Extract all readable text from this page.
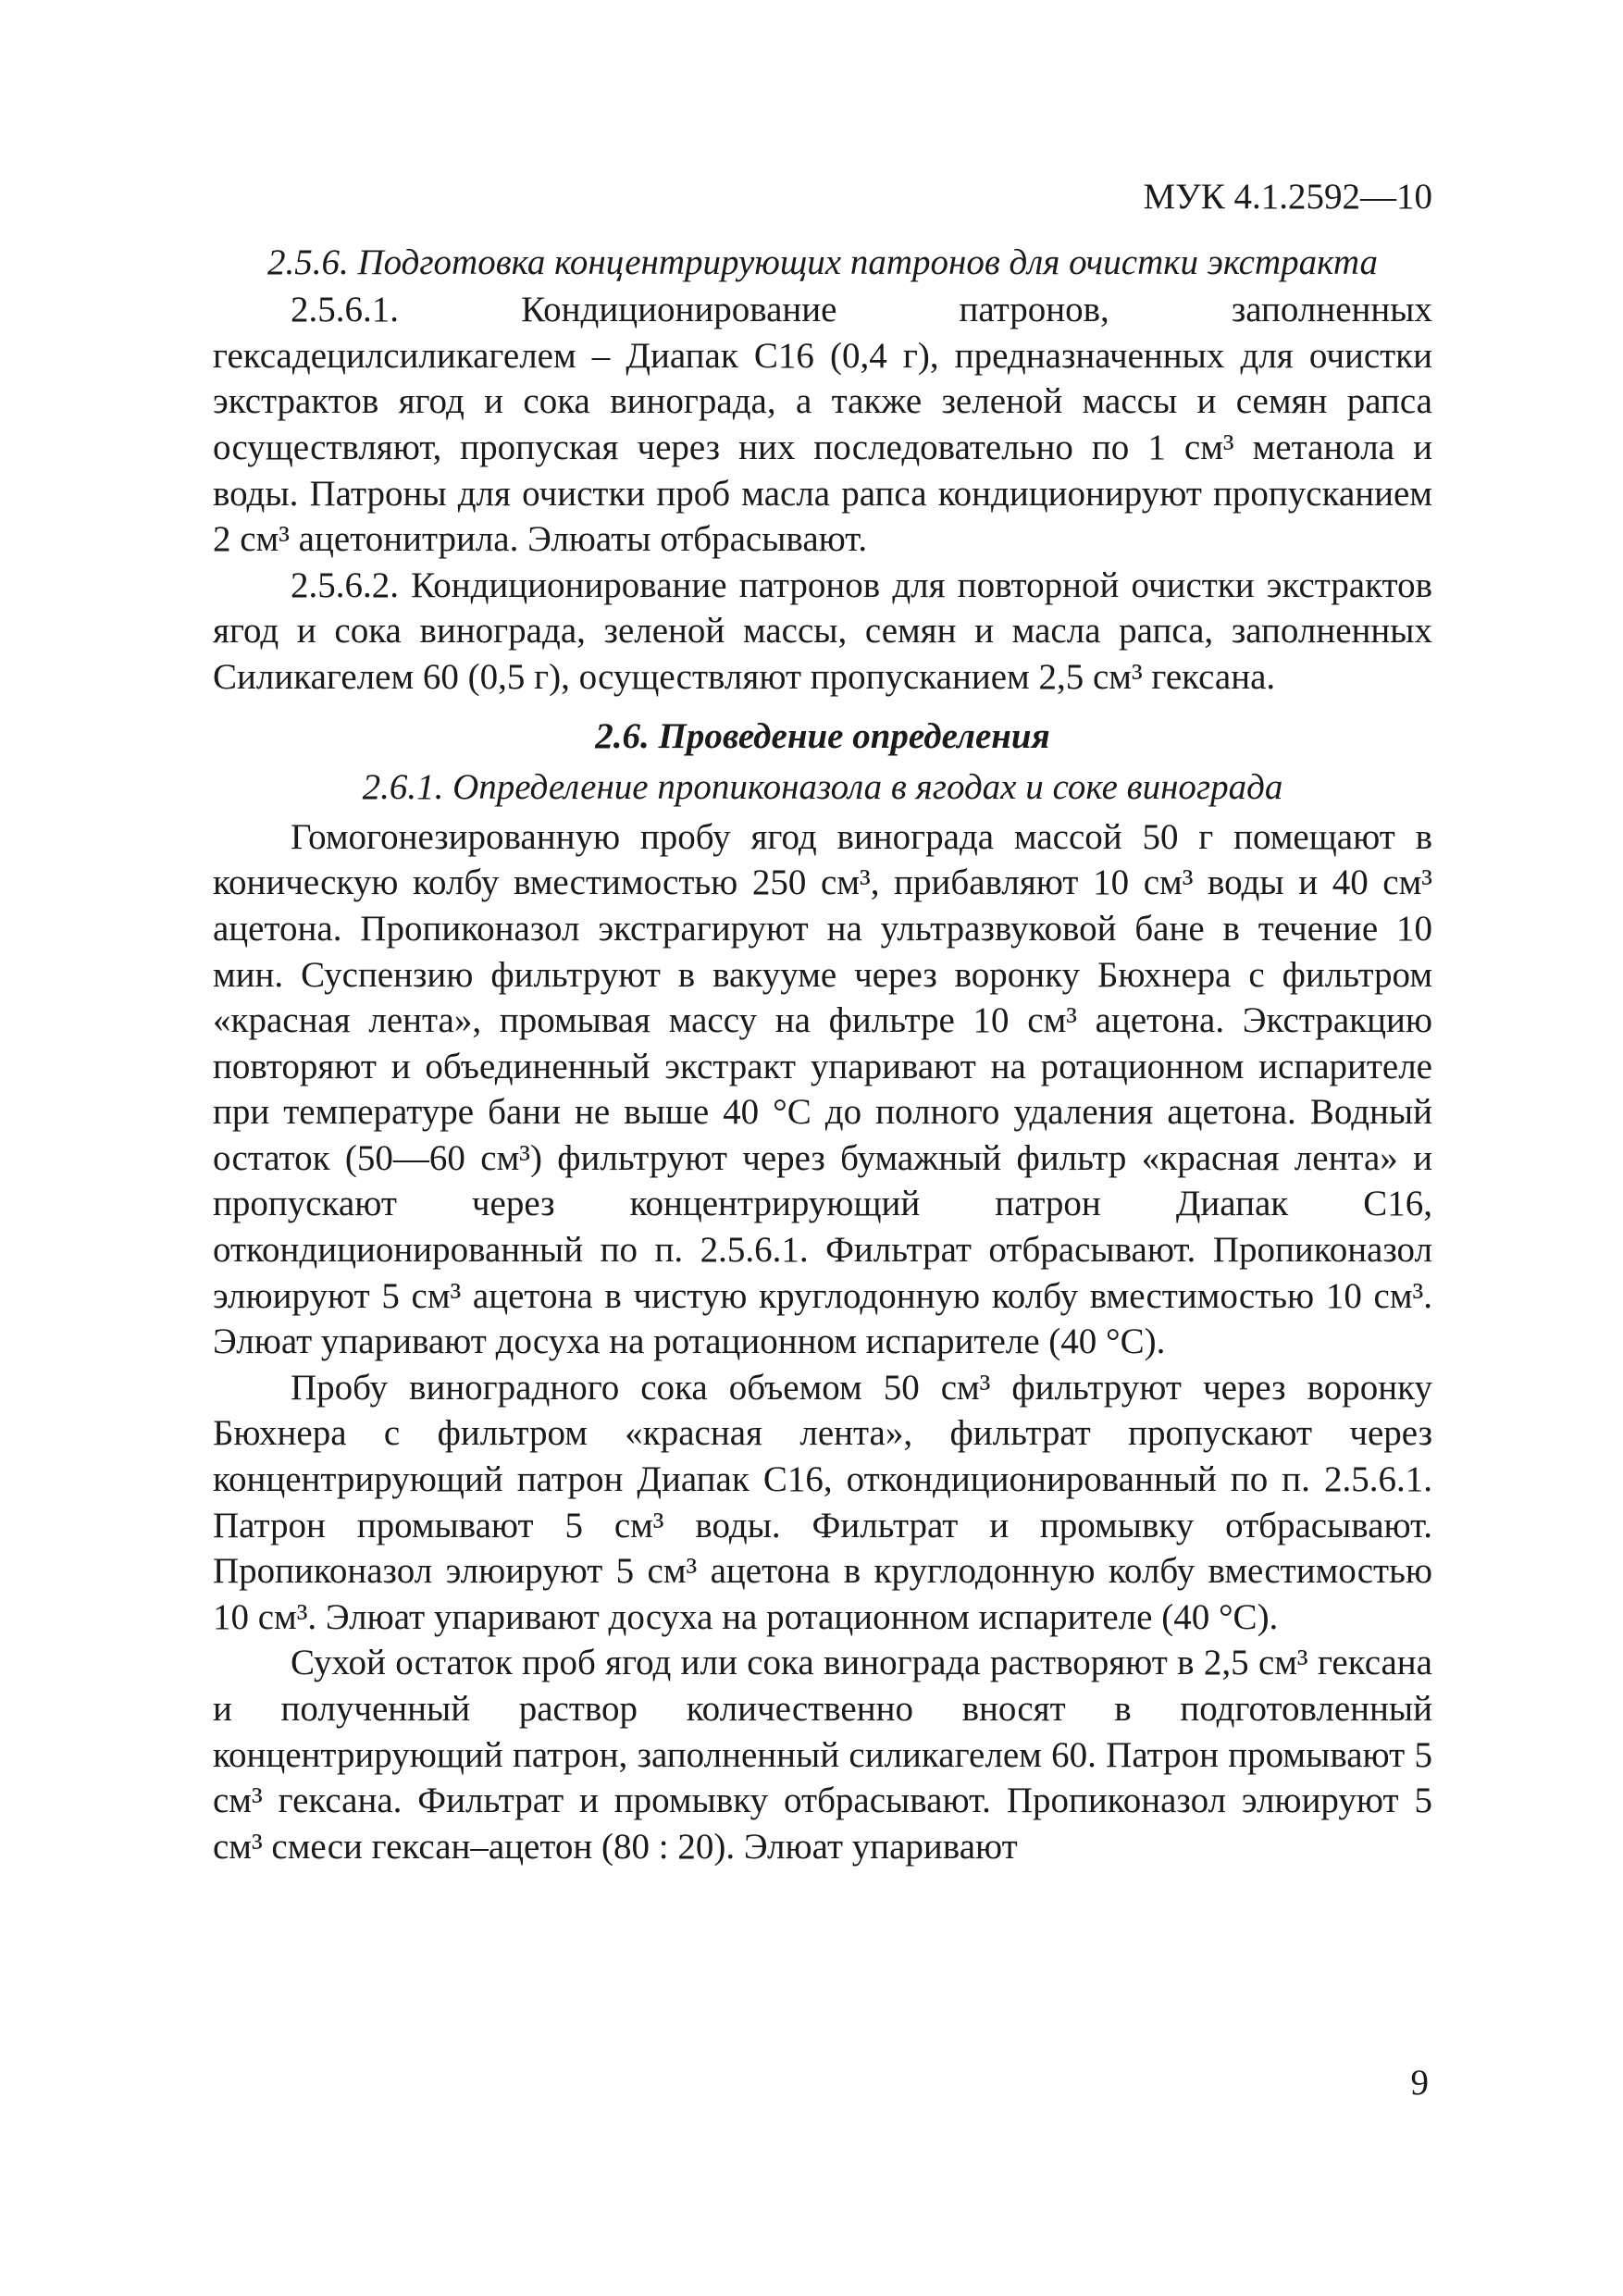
МУК 4.1.2592—10

2.5.6. Подготовка концентрирующих патронов для очистки экстракта

2.5.6.1. Кондиционирование патронов, заполненных гексадецилсиликагелем – Диапак С16 (0,4 г), предназначенных для очистки экстрактов ягод и сока винограда, а также зеленой массы и семян рапса осуществляют, пропуская через них последовательно по 1 см³ метанола и воды. Патроны для очистки проб масла рапса кондиционируют пропусканием 2 см³ ацетонитрила. Элюаты отбрасывают.

2.5.6.2. Кондиционирование патронов для повторной очистки экстрактов ягод и сока винограда, зеленой массы, семян и масла рапса, заполненных Силикагелем 60 (0,5 г), осуществляют пропусканием 2,5 см³ гексана.

2.6. Проведение определения

2.6.1. Определение пропиконазола в ягодах и соке винограда

Гомогонезированную пробу ягод винограда массой 50 г помещают в коническую колбу вместимостью 250 см³, прибавляют 10 см³ воды и 40 см³ ацетона. Пропиконазол экстрагируют на ультразвуковой бане в течение 10 мин. Суспензию фильтруют в вакууме через воронку Бюхнера с фильтром «красная лента», промывая массу на фильтре 10 см³ ацетона. Экстракцию повторяют и объединенный экстракт упаривают на ротационном испарителе при температуре бани не выше 40 °С до полного удаления ацетона. Водный остаток (50—60 см³) фильтруют через бумажный фильтр «красная лента» и пропускают через концентрирующий патрон Диапак С16, откондиционированный по п. 2.5.6.1. Фильтрат отбрасывают. Пропиконазол элюируют 5 см³ ацетона в чистую круглодонную колбу вместимостью 10 см³. Элюат упаривают досуха на ротационном испарителе (40 °С).

Пробу виноградного сока объемом 50 см³ фильтруют через воронку Бюхнера с фильтром «красная лента», фильтрат пропускают через концентрирующий патрон Диапак С16, откондиционированный по п. 2.5.6.1. Патрон промывают 5 см³ воды. Фильтрат и промывку отбрасывают. Пропиконазол элюируют 5 см³ ацетона в круглодонную колбу вместимостью 10 см³. Элюат упаривают досуха на ротационном испарителе (40 °С).

Сухой остаток проб ягод или сока винограда растворяют в 2,5 см³ гексана и полученный раствор количественно вносят в подготовленный концентрирующий патрон, заполненный силикагелем 60. Патрон промывают 5 см³ гексана. Фильтрат и промывку отбрасывают. Пропиконазол элюируют 5 см³ смеси гексан–ацетон (80 : 20). Элюат упаривают

9
